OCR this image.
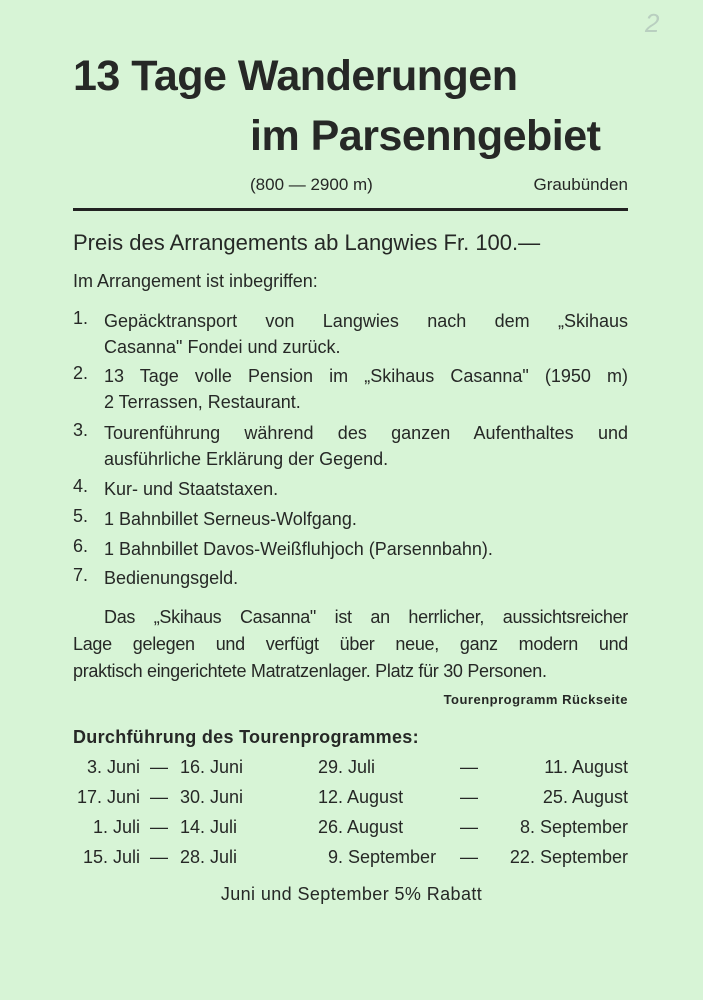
2
13 Tage Wanderungen
im Parsenngebiet
(800 — 2900 m)	Graubünden
Preis des Arrangements ab Langwies Fr. 100.—
Im Arrangement ist inbegriffen:
1. Gepäcktransport von Langwies nach dem „Skihaus
Casanna" Fondei und zurück.
2. 13 Tage volle Pension im „Skihaus Casanna" (1950 m)
2 Terrassen, Restaurant.
3. Tourenführung während des ganzen Aufenthaltes und
ausführliche Erklärung der Gegend.
4. Kur- und Staatstaxen.
5. 1 Bahnbillet Serneus-Wolfgang.
6. 1 Bahnbillet Davos-Weißfluhjoch (Parsennbahn).
7. Bedienungsgeld.
Das „Skihaus Casanna" ist an herrlicher, aussichtsreicher
Lage gelegen und verfügt über neue, ganz modern und
praktisch eingerichtete Matratzenlager. Platz für 30 Personen.
Tourenprogramm Rückseite
Durchführung des Tourenprogrammes:
3. Juni — 16. Juni	29. Juli	—	11. August
17. Juni — 30. Juni	12. August	—	25. August
1. Juli — 14. Juli	26. August	— 8. September
15. Juli — 28. Juli	9. September — 22. September
Juni und September 5% Rabatt
